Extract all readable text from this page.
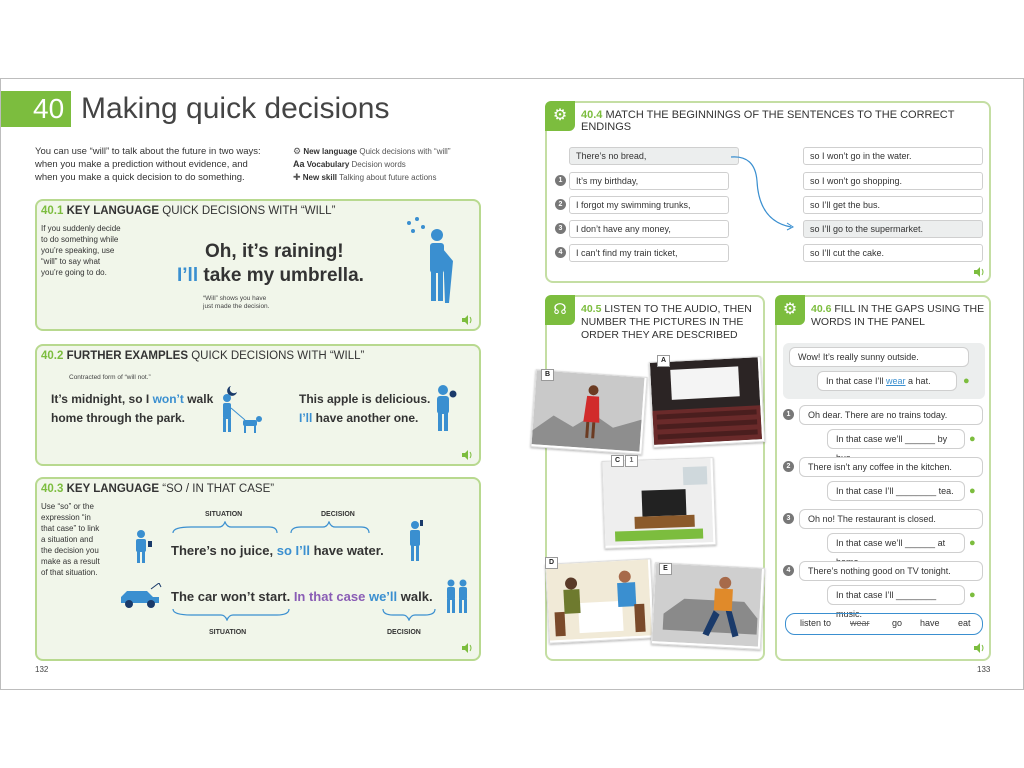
40 Making quick decisions
You can use “will” to talk about the future in two ways:
when you make a prediction without evidence, and
when you make a quick decision to do something.
⚙ New language Quick decisions with “will”
Aa Vocabulary Decision words
✚ New skill Talking about future actions
40.1 KEY LANGUAGE QUICK DECISIONS WITH “WILL”
If you suddenly decide
to do something while
you’re speaking, use
“will” to say what
you’re going to do.
Oh, it’s raining!
I’ll take my umbrella.
“Will” shows you have
just made the decision.
40.2 FURTHER EXAMPLES QUICK DECISIONS WITH “WILL”
Contracted form of “will not.”
It’s midnight, so I won’t walk
home through the park.
This apple is delicious.
I’ll have another one.
40.3 KEY LANGUAGE “SO / IN THAT CASE”
Use “so” or the
expression “in
that case” to link
a situation and
the decision you
make as a result
of that situation.
SITUATION	DECISION
There’s no juice, so I’ll have water.
The car won’t start. In that case we’ll walk.
SITUATION	DECISION
132
⚙	40.4 MATCH THE BEGINNINGS OF THE SENTENCES TO THE CORRECT ENDINGS
There’s no bread,
1	It’s my birthday,
2	I forgot my swimming trunks,
3	I don’t have any money,
4	I can’t find my train ticket,
so I won’t go in the water.
so I won’t go shopping.
so I’ll get the bus.
so I’ll go to the supermarket.
so I’ll cut the cake.
☊	40.5 LISTEN TO THE AUDIO, THEN
NUMBER THE PICTURES IN THE
ORDER THEY ARE DESCRIBED
B
A
C	1
D
E
⚙	40.6 FILL IN THE GAPS USING THE
WORDS IN THE PANEL
Wow! It’s really sunny outside.
In that case I’ll wear a hat.	●
1	Oh dear. There are no trains today.
In that case we’ll ______ by	●
2	There isn’t any coffee in the kitchen.
In that case I’ll ________ tea.	●
3	Oh no! The restaurant is closed.
In that case we’ll ______ at	●
4	There’s nothing good on TV tonight.
In that case I’ll ________ music.
●
listen to wear go have eat
133
